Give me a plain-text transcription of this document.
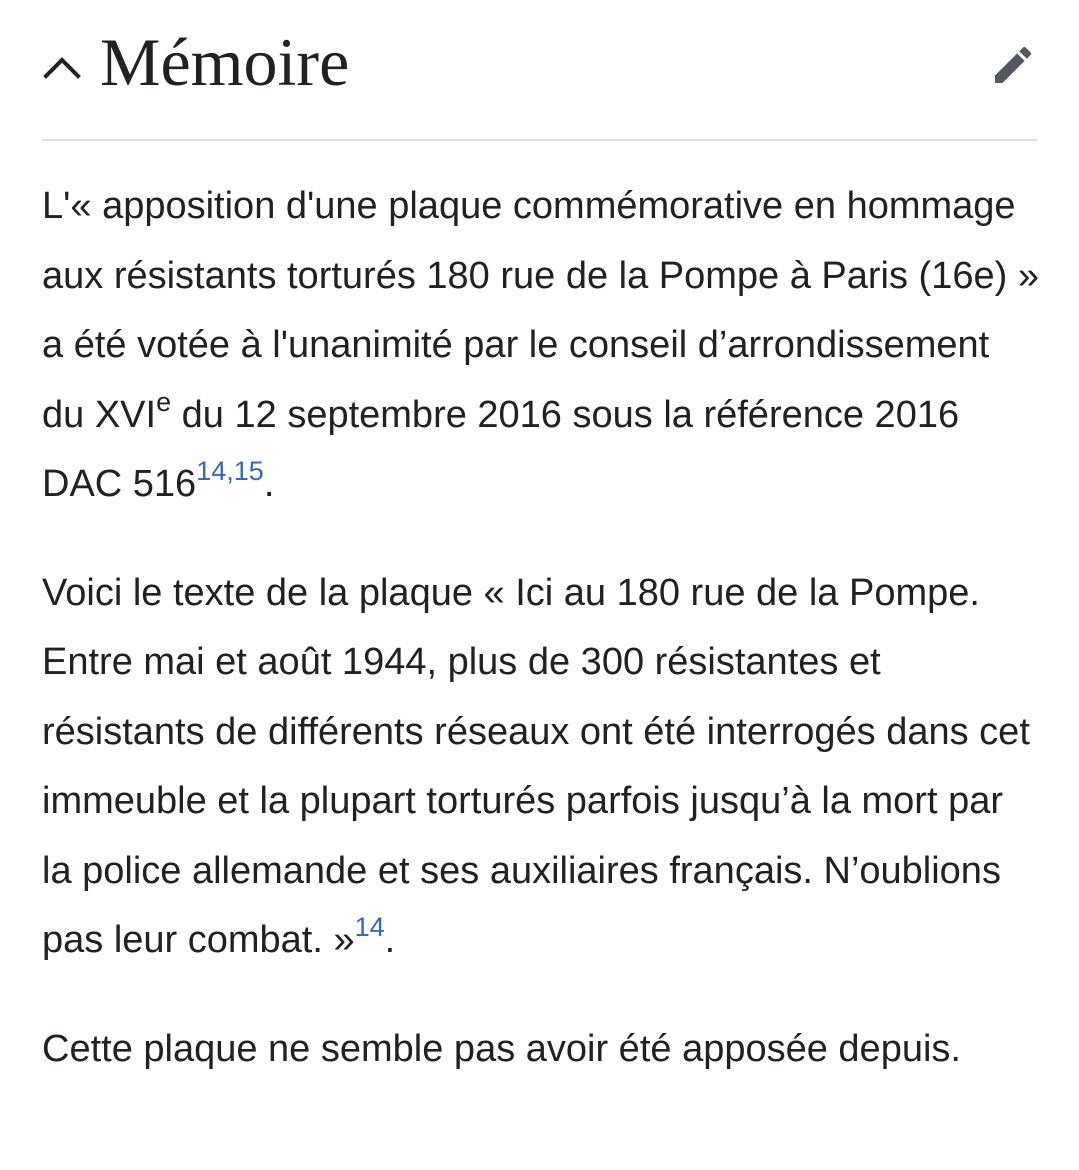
Mémoire

L'« apposition d'une plaque commémorative en hommage aux résistants torturés 180 rue de la Pompe à Paris (16e) » a été votée à l'unanimité par le conseil d’arrondissement du XVIe du 12 septembre 2016 sous la référence 2016 DAC 516$^{14,15}$.

Voici le texte de la plaque « Ici au 180 rue de la Pompe. Entre mai et août 1944, plus de 300 résistantes et résistants de différents réseaux ont été interrogés dans cet immeuble et la plupart torturés parfois jusqu’à la mort par la police allemande et ses auxiliaires français. N’oublions pas leur combat. »$^{14}$.

Cette plaque ne semble pas avoir été apposée depuis.
